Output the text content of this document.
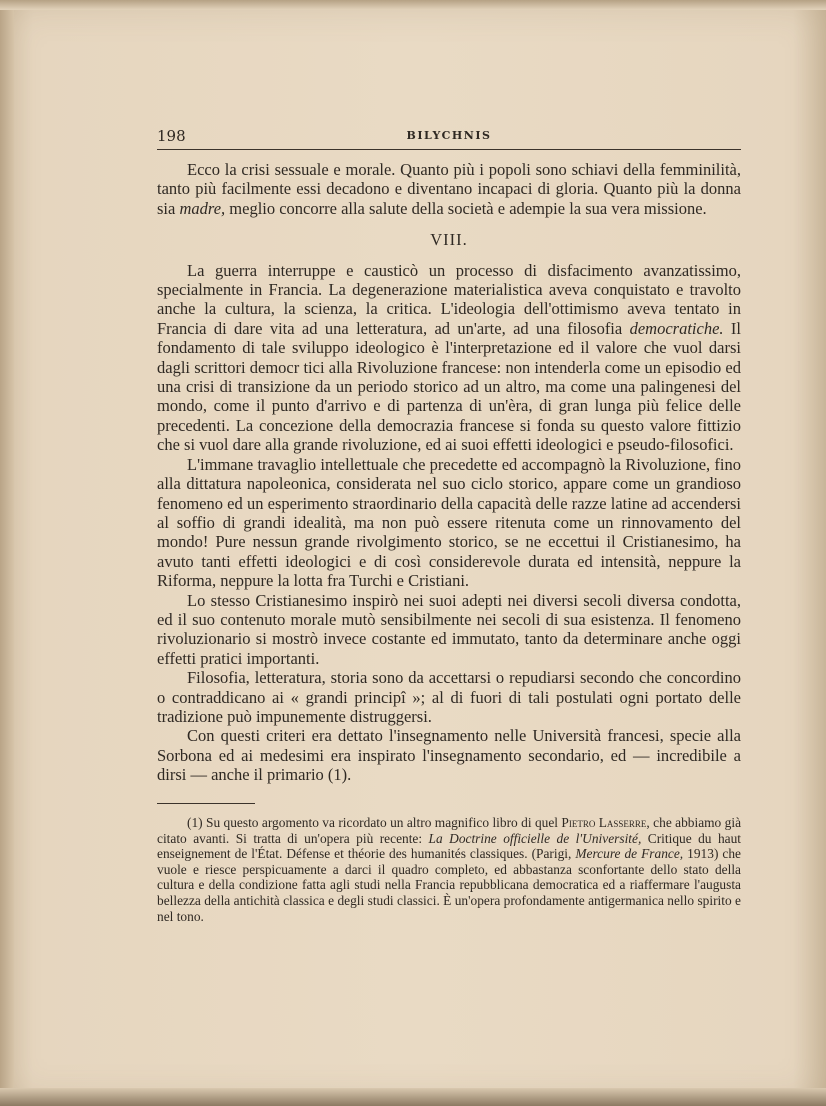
198	BILYCHNIS

Ecco la crisi sessuale e morale. Quanto più i popoli sono schiavi della femminilità, tanto più facilmente essi decadono e diventano incapaci di gloria. Quanto più la donna sia madre, meglio concorre alla salute della società e adempie la sua vera missione.

VIII.

La guerra interruppe e causticò un processo di disfacimento avanzatissimo, specialmente in Francia. La degenerazione materialistica aveva conquistato e travolto anche la cultura, la scienza, la critica. L'ideologia dell'ottimismo aveva tentato in Francia di dare vita ad una letteratura, ad un'arte, ad una filosofia democratiche. Il fondamento di tale sviluppo ideologico è l'interpretazione ed il valore che vuol darsi dagli scrittori democr tici alla Rivoluzione francese: non intenderla come un episodio ed una crisi di transizione da un periodo storico ad un altro, ma come una palingenesi del mondo, come il punto d'arrivo e di partenza di un'èra, di gran lunga più felice delle precedenti. La concezione della democrazia francese si fonda su questo valore fittizio che si vuol dare alla grande rivoluzione, ed ai suoi effetti ideologici e pseudo-filosofici.

L'immane travaglio intellettuale che precedette ed accompagnò la Rivoluzione, fino alla dittatura napoleonica, considerata nel suo ciclo storico, appare come un grandioso fenomeno ed un esperimento straordinario della capacità delle razze latine ad accendersi al soffio di grandi idealità, ma non può essere ritenuta come un rinnovamento del mondo! Pure nessun grande rivolgimento storico, se ne eccettui il Cristianesimo, ha avuto tanti effetti ideologici e di così considerevole durata ed intensità, neppure la Riforma, neppure la lotta fra Turchi e Cristiani.

Lo stesso Cristianesimo inspirò nei suoi adepti nei diversi secoli diversa condotta, ed il suo contenuto morale mutò sensibilmente nei secoli di sua esistenza. Il fenomeno rivoluzionario si mostrò invece costante ed immutato, tanto da determinare anche oggi effetti pratici importanti.

Filosofia, letteratura, storia sono da accettarsi o repudiarsi secondo che concordino o contraddicano ai « grandi principî »; al di fuori di tali postulati ogni portato delle tradizione può impunemente distruggersi.

Con questi criteri era dettato l'insegnamento nelle Università francesi, specie alla Sorbona ed ai medesimi era inspirato l'insegnamento secondario, ed — incredibile a dirsi — anche il primario (1).

(1) Su questo argomento va ricordato un altro magnifico libro di quel Pietro Lasserre, che abbiamo già citato avanti. Si tratta di un'opera più recente: La Doctrine officielle de l'Université, Critique du haut enseignement de l'État. Défense et théorie des humanités classiques. (Parigi, Mercure de France, 1913) che vuole e riesce perspicuamente a darci il quadro completo, ed abbastanza sconfortante dello stato della cultura e della condizione fatta agli studi nella Francia repubblicana democratica ed a riaffermare l'augusta bellezza della antichità classica e degli studi classici. È un'opera profondamente antigermanica nello spirito e nel tono.
